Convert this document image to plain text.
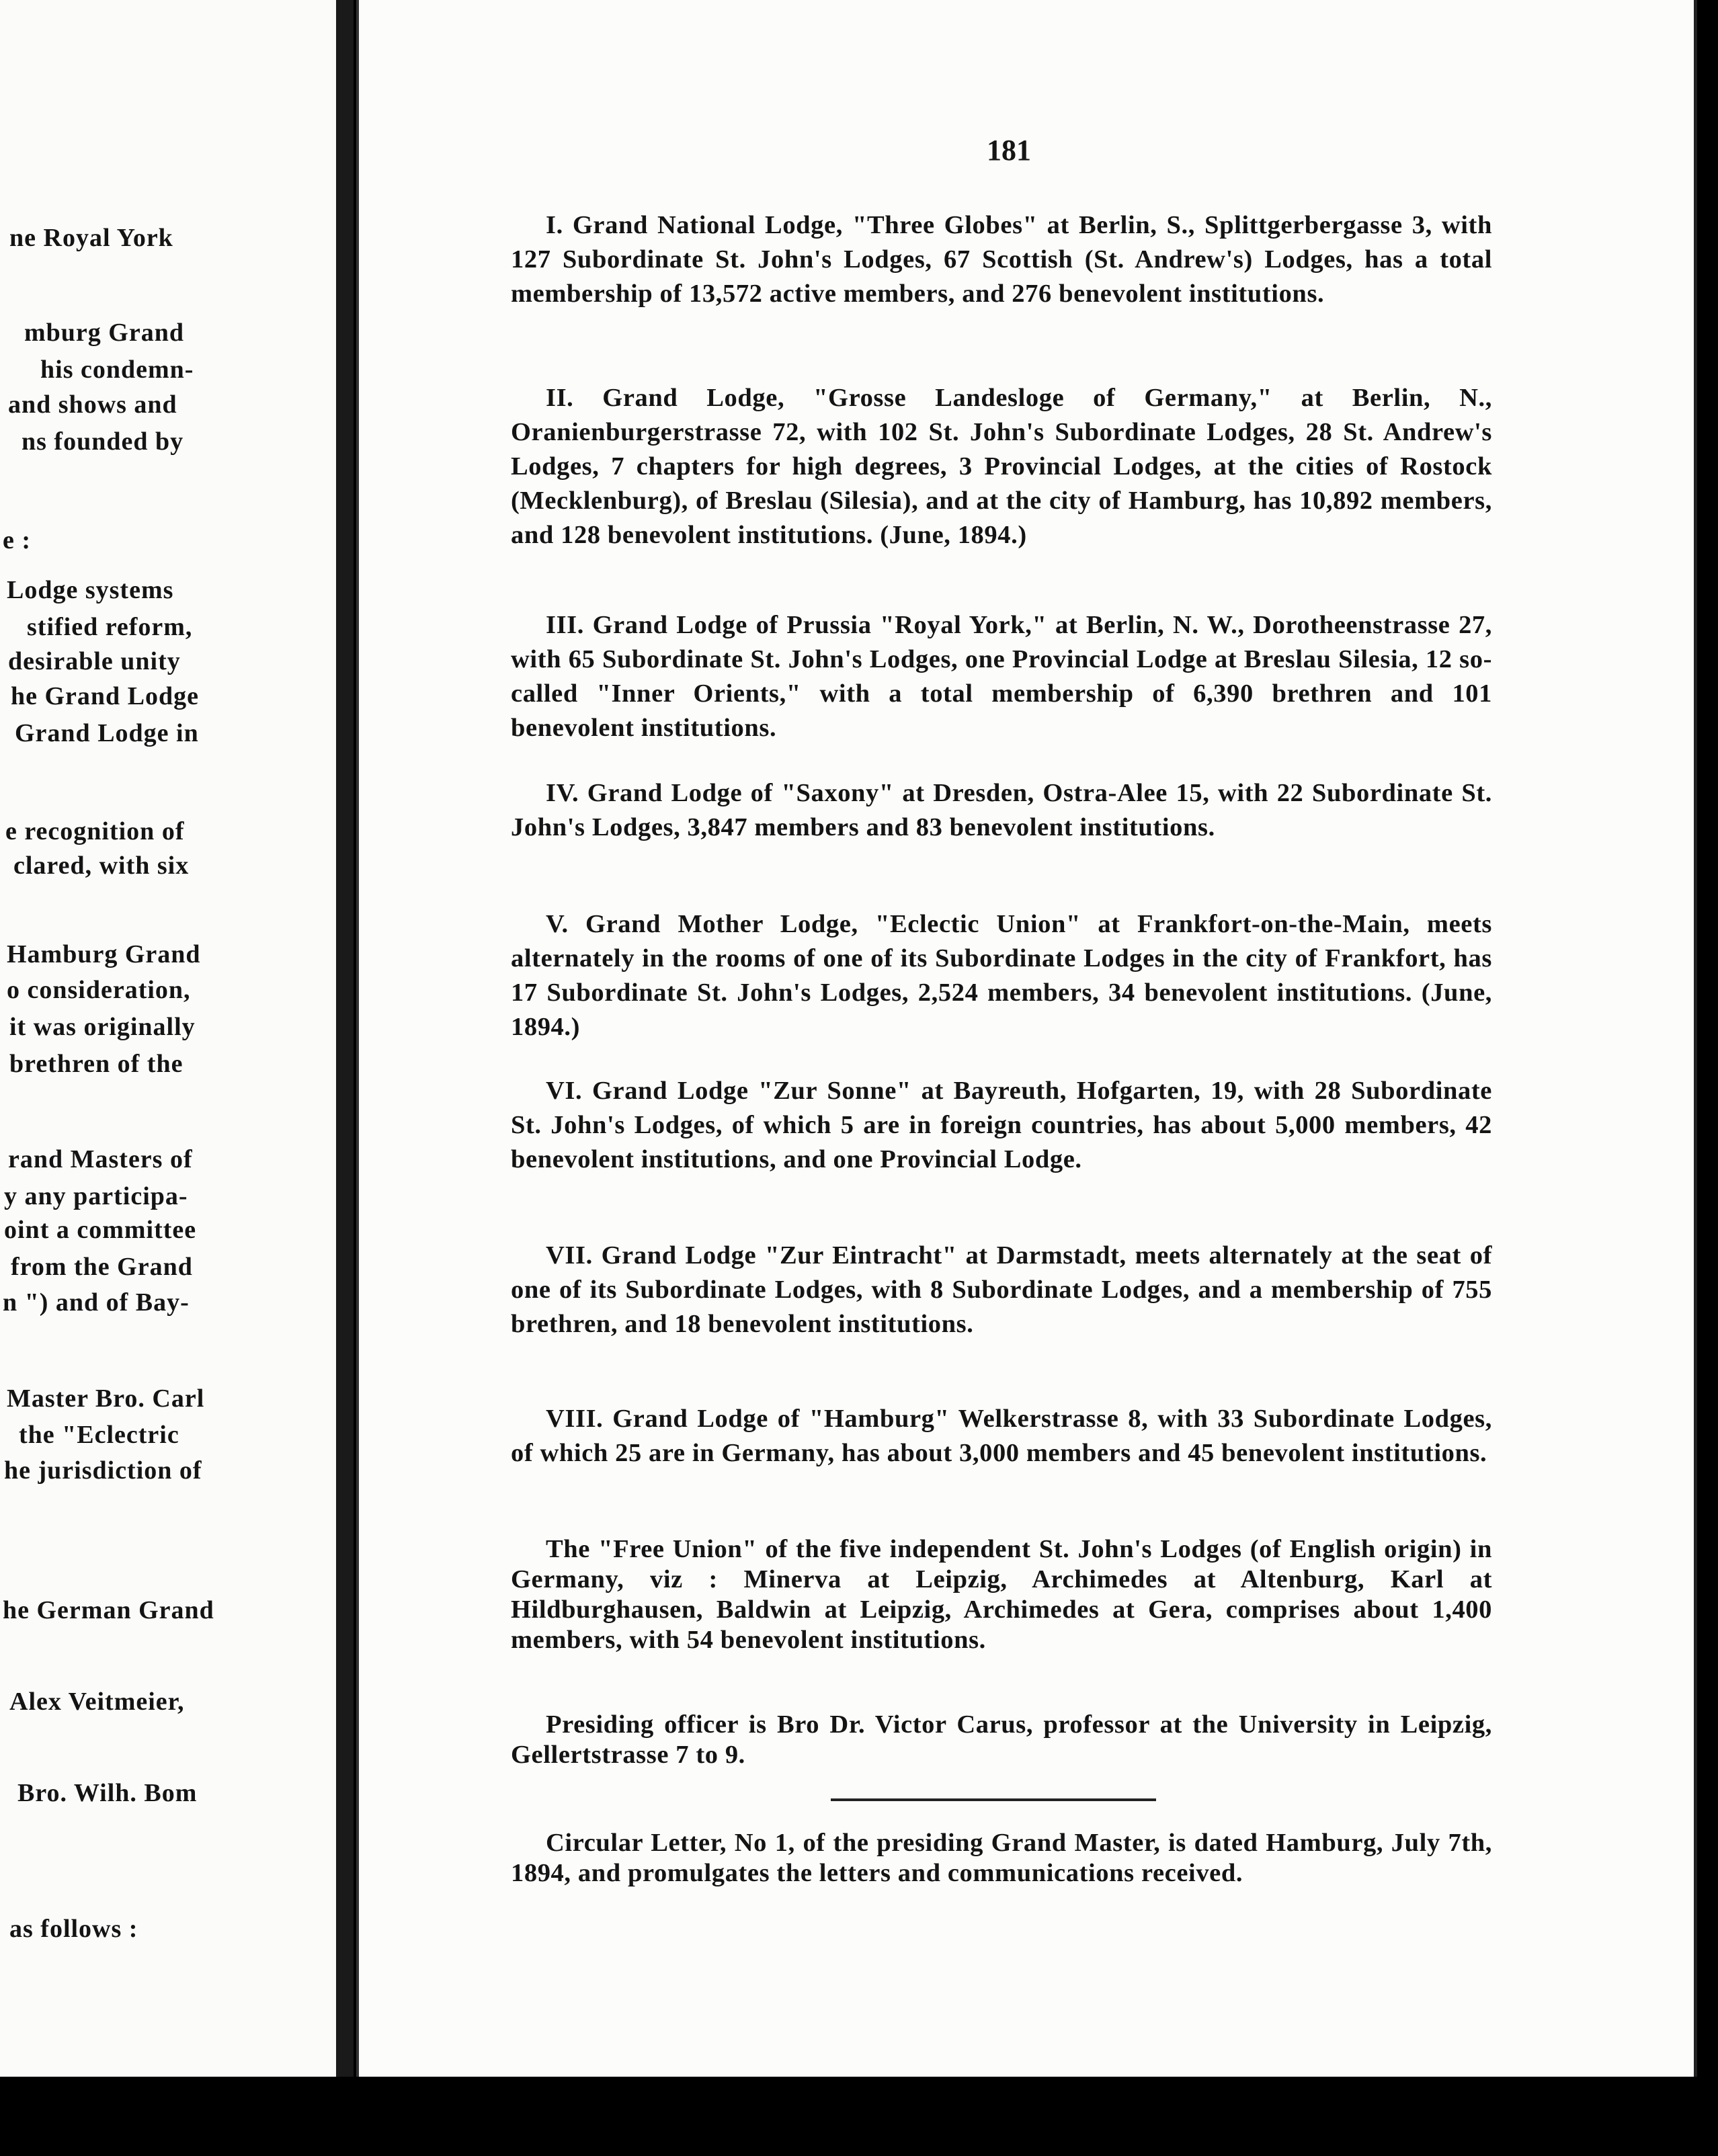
ne Royal York
mburg Grand
his condemn-
and shows and
ns founded by
e :
Lodge systems
stified reform,
desirable unity
he Grand Lodge
Grand Lodge in
e recognition of
clared, with six
Hamburg Grand
o consideration,
it was originally
brethren of the
rand Masters of
y any participa-
oint a committee
from the Grand
n ") and of Bay-
Master Bro. Carl
the "Eclectric
he jurisdiction of
he German Grand
Alex Veitmeier,
Bro. Wilh. Bom
as follows :
181
I. Grand National Lodge, "Three Globes" at Berlin, S., Splittgerbergasse 3, with 127 Subordinate St. John's Lodges, 67 Scottish (St. Andrew's) Lodges, has a total membership of 13,572 active members, and 276 benevolent institutions.
II. Grand Lodge, "Grosse Landesloge of Germany," at Berlin, N., Oranienburgerstrasse 72, with 102 St. John's Subordinate Lodges, 28 St. Andrew's Lodges, 7 chapters for high degrees, 3 Provincial Lodges, at the cities of Rostock (Mecklenburg), of Breslau (Silesia), and at the city of Hamburg, has 10,892 members, and 128 benevolent institutions. (June, 1894.)
III. Grand Lodge of Prussia "Royal York," at Berlin, N. W., Dorotheenstrasse 27, with 65 Subordinate St. John's Lodges, one Provincial Lodge at Breslau Silesia, 12 so-called "Inner Orients," with a total membership of 6,390 brethren and 101 benevolent institutions.
IV. Grand Lodge of "Saxony" at Dresden, Ostra-Alee 15, with 22 Subordinate St. John's Lodges, 3,847 members and 83 benevolent institutions.
V. Grand Mother Lodge, "Eclectic Union" at Frankfort-on-the-Main, meets alternately in the rooms of one of its Subordinate Lodges in the city of Frankfort, has 17 Subordinate St. John's Lodges, 2,524 members, 34 benevolent institutions. (June, 1894.)
VI. Grand Lodge "Zur Sonne" at Bayreuth, Hofgarten, 19, with 28 Subordinate St. John's Lodges, of which 5 are in foreign countries, has about 5,000 members, 42 benevolent institutions, and one Provincial Lodge.
VII. Grand Lodge "Zur Eintracht" at Darmstadt, meets alternately at the seat of one of its Subordinate Lodges, with 8 Subordinate Lodges, and a membership of 755 brethren, and 18 benevolent institutions.
VIII. Grand Lodge of "Hamburg" Welkerstrasse 8, with 33 Subordinate Lodges, of which 25 are in Germany, has about 3,000 members and 45 benevolent institutions.
The "Free Union" of the five independent St. John's Lodges (of English origin) in Germany, viz : Minerva at Leipzig, Archimedes at Altenburg, Karl at Hildburghausen, Baldwin at Leipzig, Archimedes at Gera, comprises about 1,400 members, with 54 benevolent institutions.
Presiding officer is Bro Dr. Victor Carus, professor at the University in Leipzig, Gellertstrasse 7 to 9.
Circular Letter, No 1, of the presiding Grand Master, is dated Hamburg, July 7th, 1894, and promulgates the letters and communications received.
